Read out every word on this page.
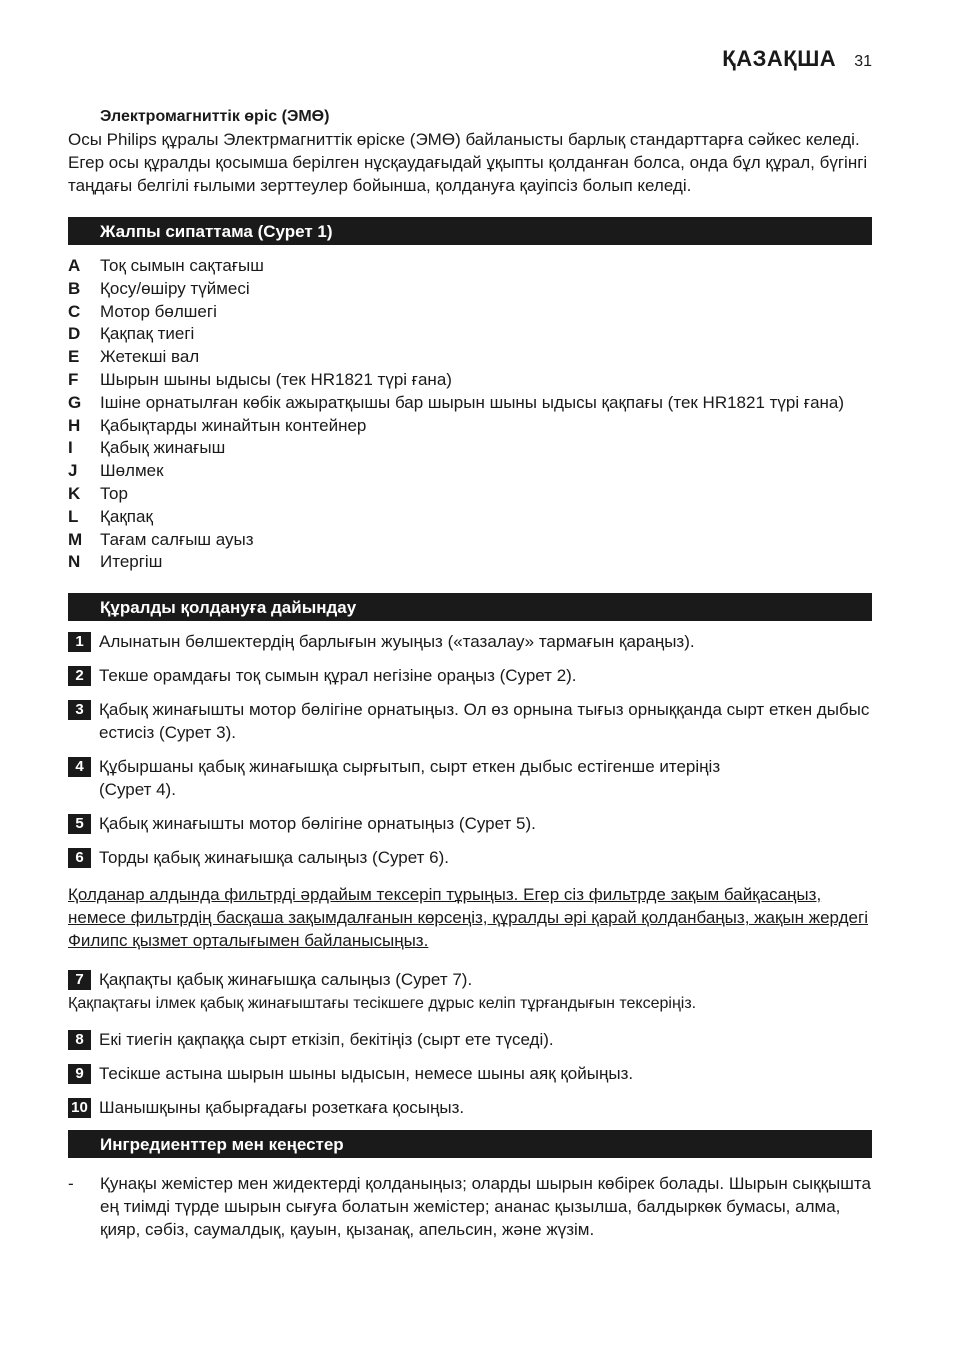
ҚАЗАҚША 31
Электромагниттік өріс (ЭМӨ)

Осы Philips құралы Электрмагниттік өріске (ЭМӨ) байланысты барлық стандарттарға сәйкес келеді. Егер осы құралды қосымша берілген нұсқаудағыдай ұқыпты қолданған болса, онда бұл құрал, бүгінгі таңдағы белгілі ғылыми зерттеулер бойынша, қолдануға қауіпсіз болып келеді.

Жалпы сипаттама (Сурет 1)
A	Тоқ сымын сақтағыш
B	Қосу/өшіру түймесі
C	Мотор бөлшегі
D	Қақпақ тиегі
E	Жетекші вал
F	Шырын шыны ыдысы (тек HR1821 түрі ғана)
G	Ішіне орнатылған көбік ажыратқышы бар шырын шыны ыдысы қақпағы (тек HR1821 түрі ғана)
H	Қабықтарды жинайтын контейнер
I	Қабық жинағыш
J	Шөлмек
K	Тор
L	Қақпақ
M	Тағам салғыш ауыз
N	Итергіш
Құралды қолдануға дайындау
1 Алынатын бөлшектердің барлығын жуыңыз («тазалау» тармағын қараңыз).
2 Текше орамдағы тоқ сымын құрал негізіне ораңыз (Сурет 2).
3 Қабық жинағышты мотор бөлігіне орнатыңыз. Ол өз орнына тығыз орныққанда сырт еткен дыбыс естисіз (Сурет 3).
4 Құбыршаны қабық жинағышқа сырғытып, сырт еткен дыбыс естігенше итеріңіз (Сурет 4).
5 Қабық жинағышты мотор бөлігіне орнатыңыз (Сурет 5).
6 Торды қабық жинағышқа салыңыз (Сурет 6).
Қолданар алдында фильтрді әрдайым тексеріп тұрыңыз. Егер сіз фильтрде зақым байқасаңыз, немесе фильтрдің басқаша зақымдалғанын көрсеңіз, құралды әрі қарай қолданбаңыз, жақын жердегі Филипс қызмет орталығымен байланысыңыз.
7 Қақпақты қабық жинағышқа салыңыз (Сурет 7).
Қақпақтағы ілмек қабық жинағыштағы тесікшеге дұрыс келіп тұрғандығын тексеріңіз.
8 Екі тиегін қақпаққа сырт еткізіп, бекітіңіз (сырт ете түседі).
9 Тесікше астына шырын шыны ыдысын, немесе шыны аяқ қойыңыз.
10 Шанышқыны қабырғадағы розеткаға қосыңыз.
Ингредиенттер мен кеңестер
-	Қунақы жемістер мен жидектерді қолданыңыз; оларды шырын көбірек болады. Шырын сыққышта ең тиімді түрде шырын сығуға болатын жемістер; ананас қызылша, балдыркөк бумасы, алма, қияр, сәбіз, саумалдық, қауын, қызанақ, апельсин, және жүзім.
